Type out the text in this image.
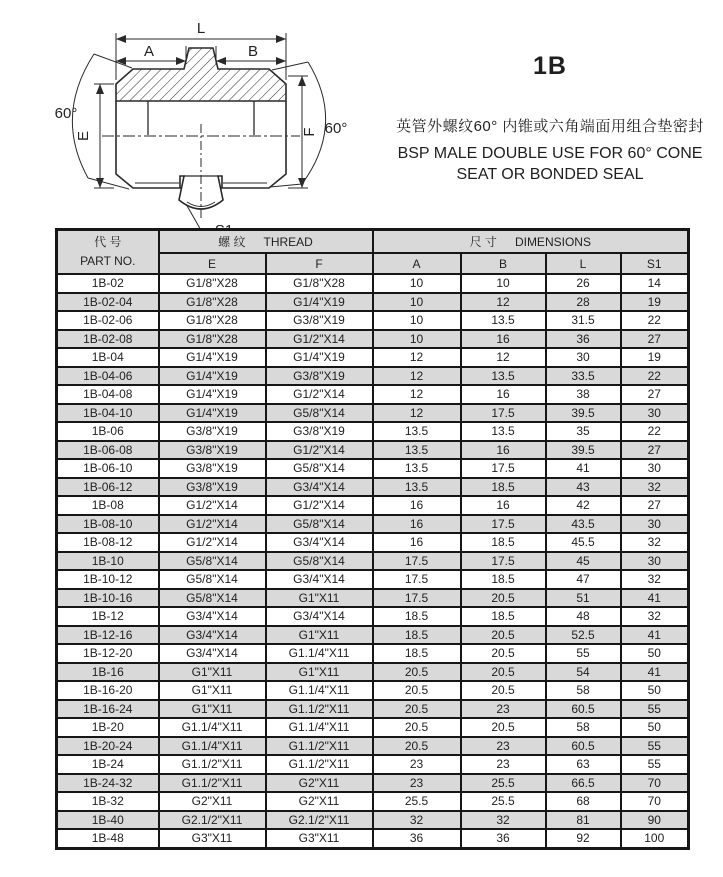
L
A	B
E	F
60°
60°
1B
英管外螺纹60° 内锥或六角端面用组合垫密封
BSP MALE DOUBLE USE FOR 60° CONE
SEAT OR BONDED SEAL
代 号
PART NO.	螺 纹 THREAD		尺 寸 DIMENSIONS			
	E	F	A	B	L	S1
1B-02	G1/8"X28	G1/8"X28	10	10	26	14
1B-02-04	G1/8"X28	G1/4"X19	10	12	28	19
1B-02-06	G1/8"X28	G3/8"X19	10	13.5	31.5	22
1B-02-08	G1/8"X28	G1/2"X14	10	16	36	27
1B-04	G1/4"X19	G1/4"X19	12	12	30	19
1B-04-06	G1/4"X19	G3/8"X19	12	13.5	33.5	22
1B-04-08	G1/4"X19	G1/2"X14	12	16	38	27
1B-04-10	G1/4"X19	G5/8"X14	12	17.5	39.5	30
1B-06	G3/8"X19	G3/8"X19	13.5	13.5	35	22
1B-06-08	G3/8"X19	G1/2"X14	13.5	16	39.5	27
1B-06-10	G3/8"X19	G5/8"X14	13.5	17.5	41	30
1B-06-12	G3/8"X19	G3/4"X14	13.5	18.5	43	32
1B-08	G1/2"X14	G1/2"X14	16	16	42	27
1B-08-10	G1/2"X14	G5/8"X14	16	17.5	43.5	30
1B-08-12	G1/2"X14	G3/4"X14	16	18.5	45.5	32
1B-10	G5/8"X14	G5/8"X14	17.5	17.5	45	30
1B-10-12	G5/8"X14	G3/4"X14	17.5	18.5	47	32
1B-10-16	G5/8"X14	G1"X11	17.5	20.5	51	41
1B-12	G3/4"X14	G3/4"X14	18.5	18.5	48	32
1B-12-16	G3/4"X14	G1"X11	18.5	20.5	52.5	41
1B-12-20	G3/4"X14	G1.1/4"X11	18.5	20.5	55	50
1B-16	G1"X11	G1"X11	20.5	20.5	54	41
1B-16-20	G1"X11	G1.1/4"X11	20.5	20.5	58	50
1B-16-24	G1"X11	G1.1/2"X11	20.5	23	60.5	55
1B-20	G1.1/4"X11	G1.1/4"X11	20.5	20.5	58	50
1B-20-24	G1.1/4"X11	G1.1/2"X11	20.5	23	60.5	55
1B-24	G1.1/2"X11	G1.1/2"X11	23	23	63	55
1B-24-32	G1.1/2"X11	G2"X11	23	25.5	66.5	70
1B-32	G2"X11	G2"X11	25.5	25.5	68	70
1B-40	G2.1/2"X11	G2.1/2"X11	32	32	81	90
1B-48	G3"X11	G3"X11	36	36	92	100
